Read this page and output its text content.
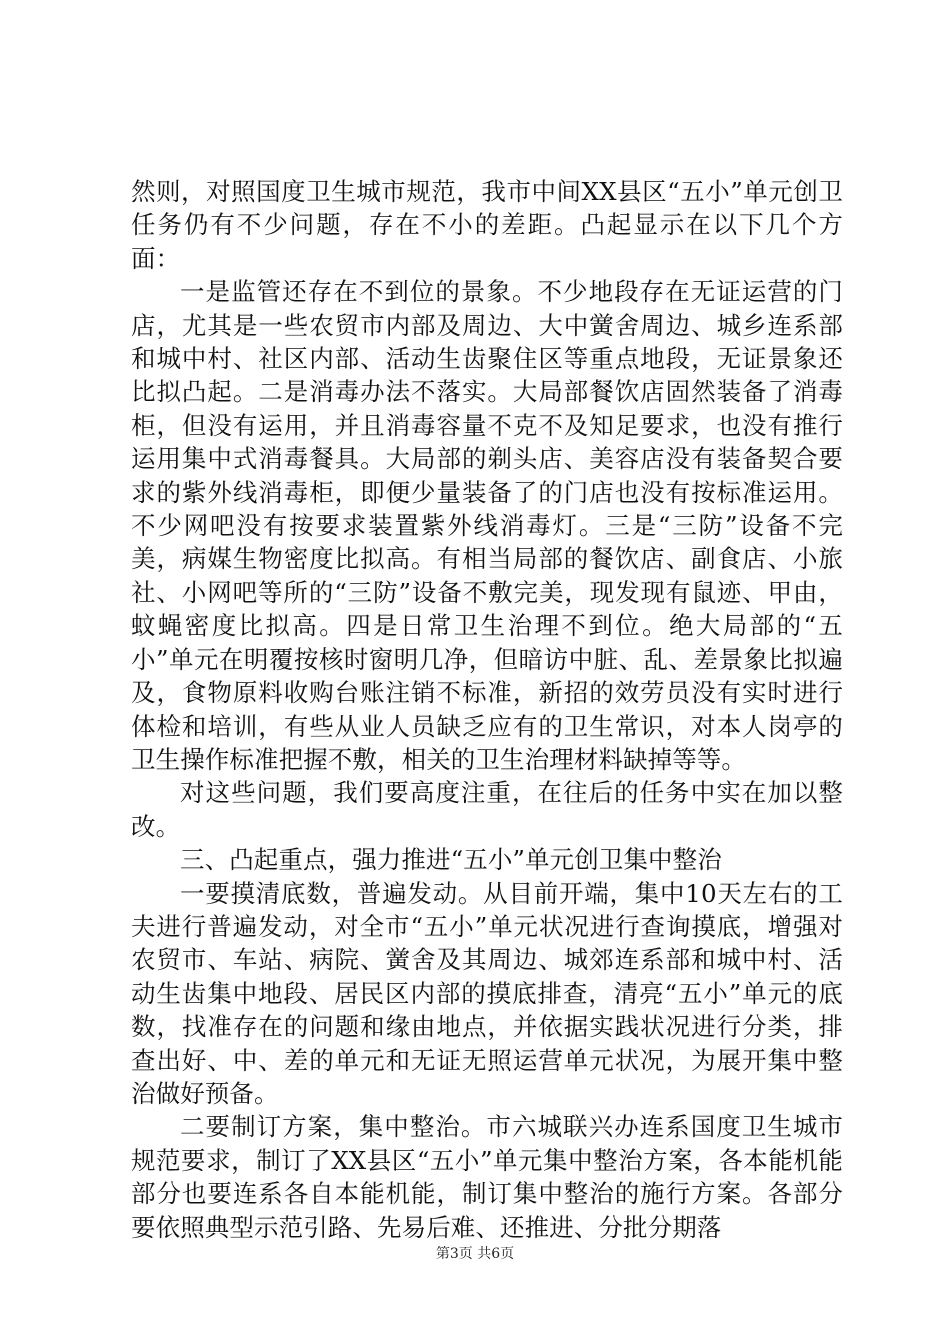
然则，对照国度卫生城市规范，我市中间XX县区“五小”单元创卫任务仍有不少问题，存在不小的差距。凸起显示在以下几个方面：

一是监管还存在不到位的景象。不少地段存在无证运营的门店，尤其是一些农贸市内部及周边、大中黉舍周边、城乡连系部和城中村、社区内部、活动生齿聚住区等重点地段，无证景象还比拟凸起。二是消毒办法不落实。大局部餐饮店固然装备了消毒柜，但没有运用，并且消毒容量不克不及知足要求，也没有推行运用集中式消毒餐具。大局部的剃头店、美容店没有装备契合要求的紫外线消毒柜，即便少量装备了的门店也没有按标准运用。不少网吧没有按要求装置紫外线消毒灯。三是“三防”设备不完美，病媒生物密度比拟高。有相当局部的餐饮店、副食店、小旅社、小网吧等所的“三防”设备不敷完美，现发现有鼠迹、甲由，蚊蝇密度比拟高。四是日常卫生治理不到位。绝大局部的“五小”单元在明覆按核时窗明几净，但暗访中脏、乱、差景象比拟遍及，食物原料收购台账注销不标准，新招的效劳员没有实时进行体检和培训，有些从业人员缺乏应有的卫生常识，对本人岗亭的卫生操作标准把握不敷，相关的卫生治理材料缺掉等等。

对这些问题，我们要高度注重，在往后的任务中实在加以整改。

三、凸起重点，强力推进“五小”单元创卫集中整治

一要摸清底数，普遍发动。从目前开端，集中10天左右的工夫进行普遍发动，对全市“五小”单元状况进行查询摸底，增强对农贸市、车站、病院、黉舍及其周边、城郊连系部和城中村、活动生齿集中地段、居民区内部的摸底排查，清亮“五小”单元的底数，找准存在的问题和缘由地点，并依据实践状况进行分类，排查出好、中、差的单元和无证无照运营单元状况，为展开集中整治做好预备。

二要制订方案，集中整治。市六城联兴办连系国度卫生城市规范要求，制订了XX县区“五小”单元集中整治方案，各本能机能部分也要连系各自本能机能，制订集中整治的施行方案。各部分要依照典型示范引路、先易后难、还推进、分批分期落

第3页 共6页
